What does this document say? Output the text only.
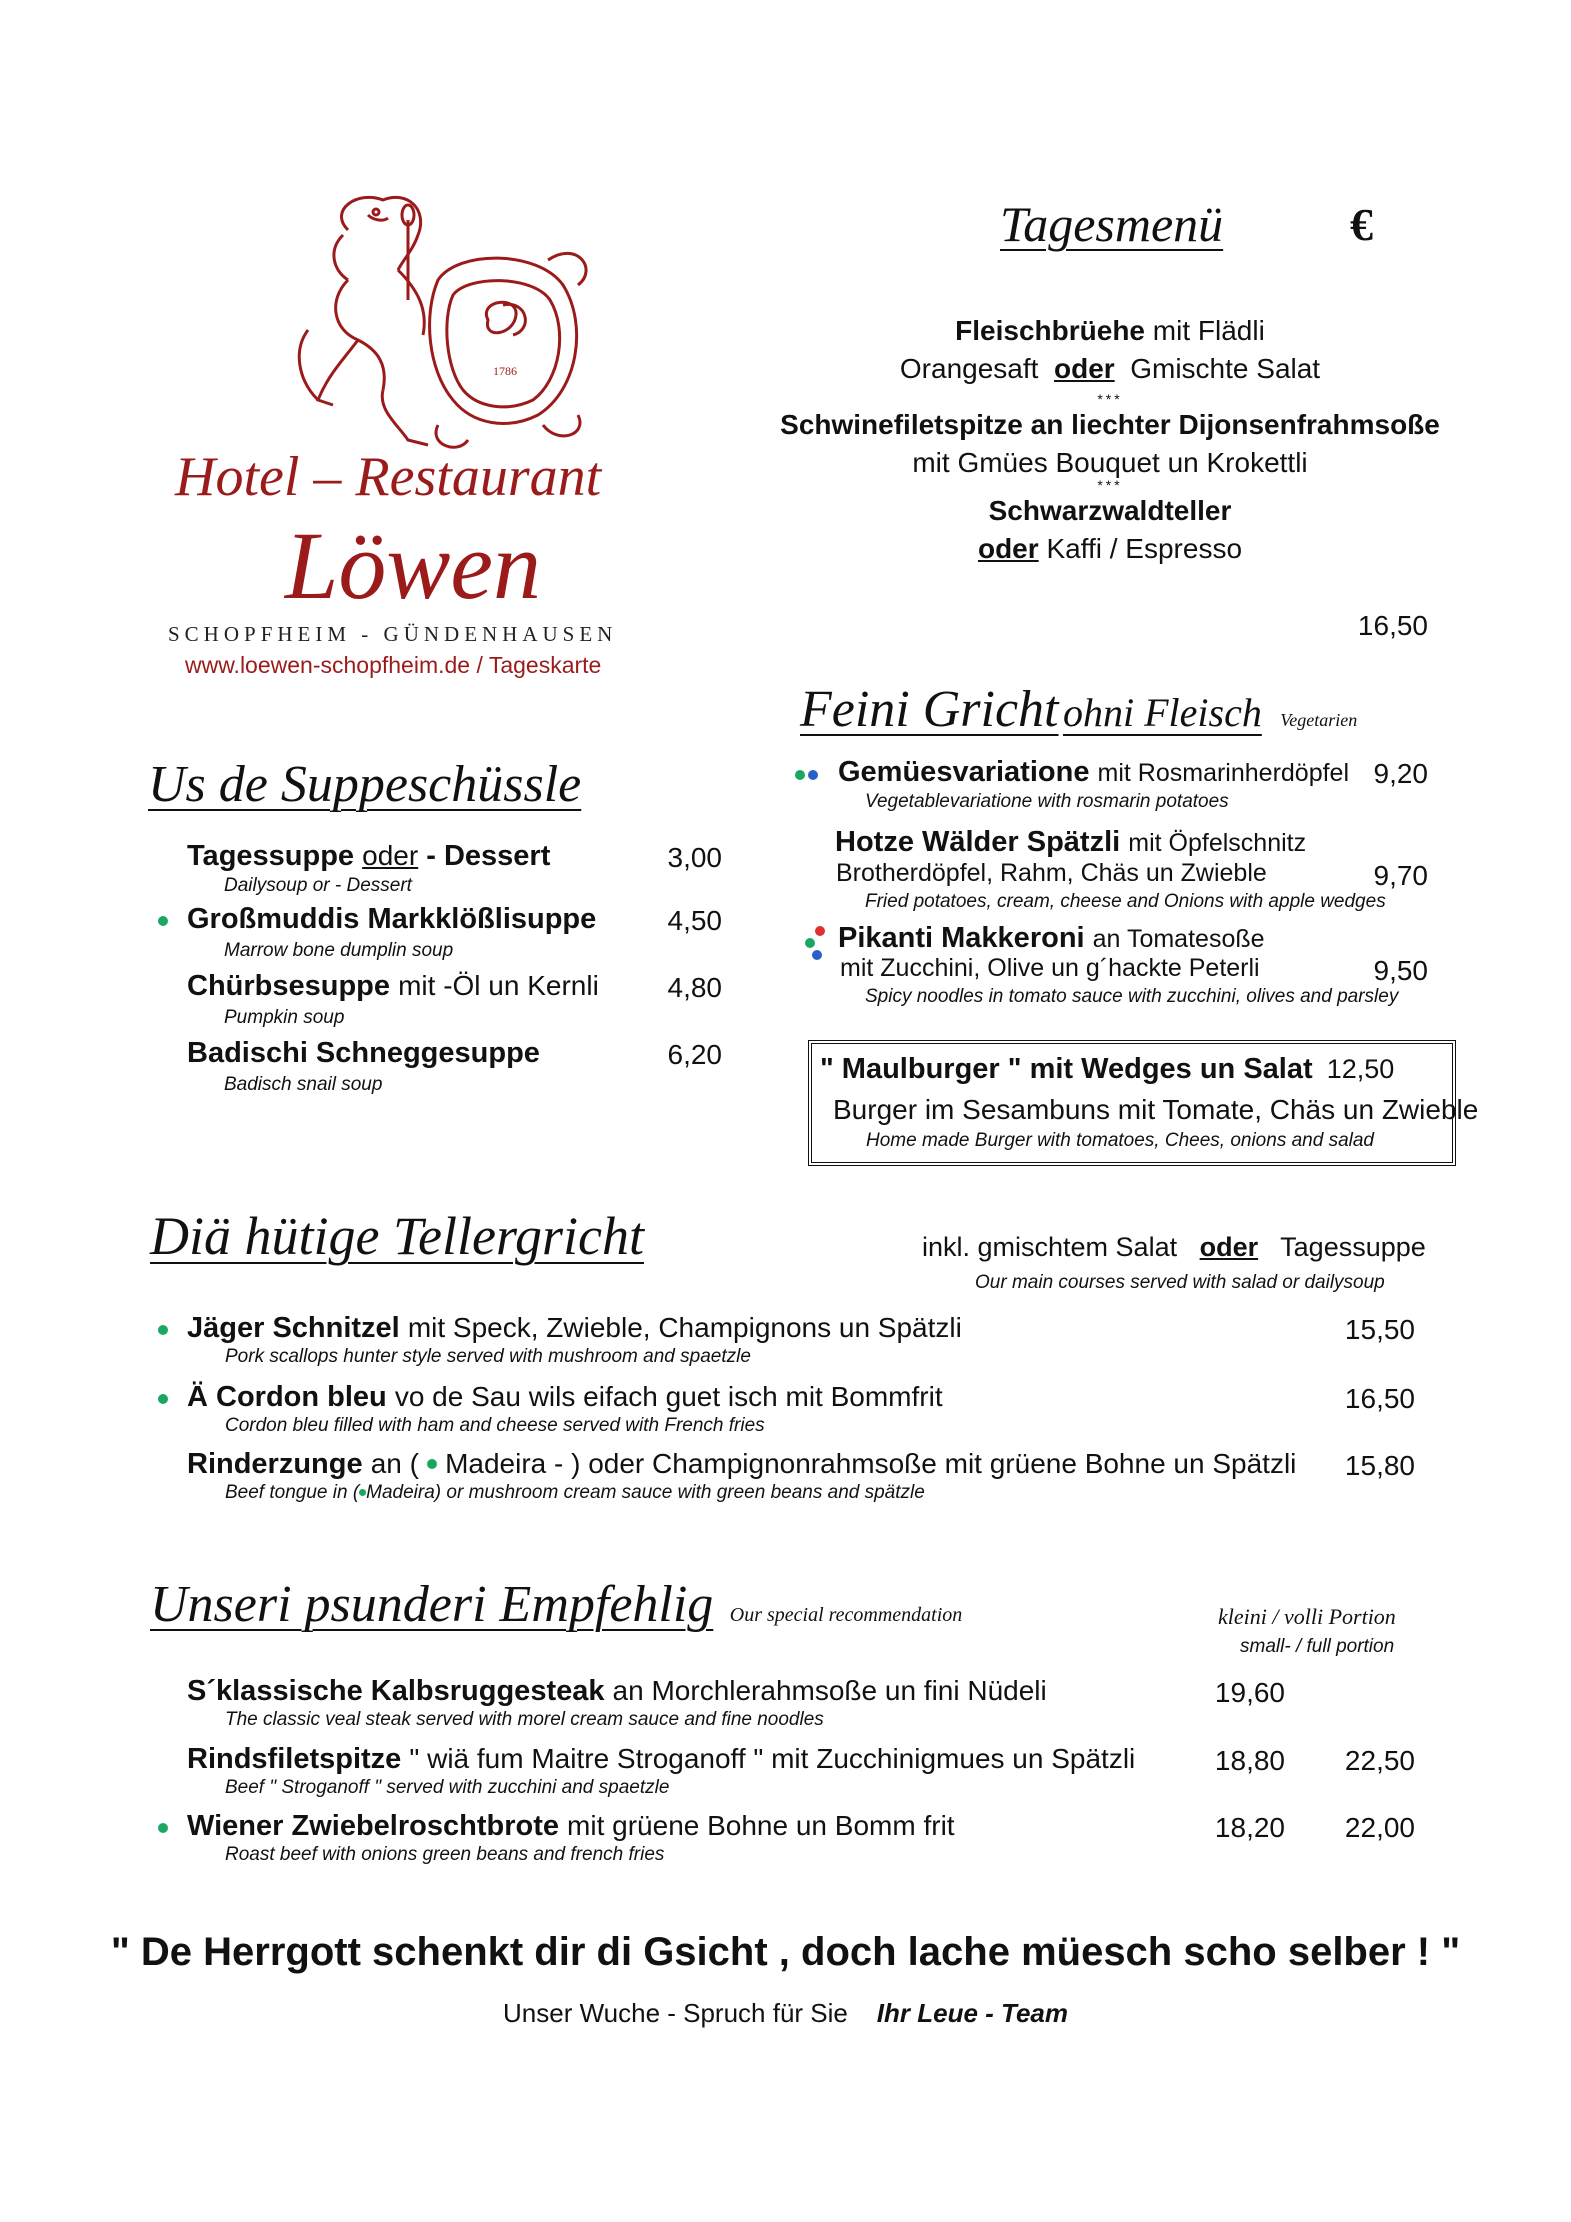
1786
Hotel – Restaurant
Löwen
SCHOPFHEIM - GÜNDENHAUSEN
www.loewen-schopfheim.de / Tageskarte
Tagesmenü	€
Fleischbrüehe mit Flädli
Orangesaft oder Gmischte Salat
***
Schwinefiletspitze an liechter Dijonsenfrahmsoße
mit Gmües Bouquet un Krokettli
***
Schwarzwaldteller
oder Kaffi / Espresso
16,50
Feini Gricht ohni Fleisch Vegetarien
Gemüesvariatione mit Rosmarinherdöpfel 9,20
Vegetablevariatione with rosmarin potatoes
Hotze Wälder Spätzli mit Öpfelschnitz
Brotherdöpfel, Rahm, Chäs un Zwieble	9,70
Fried potatoes, cream, cheese and Onions with apple wedges
Pikanti Makkeroni an Tomatesoße
mit Zucchini, Olive un g´hackte Peterli	9,50
Spicy noodles in tomato sauce with zucchini, olives and parsley
" Maulburger " mit Wedges un Salat 12,50
Burger im Sesambuns mit Tomate, Chäs un Zwieble
Home made Burger with tomatoes, Chees, onions and salad
Us de Suppeschüssle
Tagessuppe oder - Dessert	3,00
Dailysoup or - Dessert
Großmuddis Markklößlisuppe	4,50
Marrow bone dumplin soup
Chürbsesuppe mit -Öl un Kernli	4,80
Pumpkin soup
Badischi Schneggesuppe	6,20
Badisch snail soup
Diä hütige Tellergricht	inkl. gmischtem Salat oder Tagessuppe
Our main courses served with salad or dailysoup
Jäger Schnitzel mit Speck, Zwieble, Champignons un Spätzli	15,50
Pork scallops hunter style served with mushroom and spaetzle
Ä Cordon bleu vo de Sau wils eifach guet isch mit Bommfrit	16,50
Cordon bleu filled with ham and cheese served with French fries
Rinderzunge an ( Madeira - ) oder Champignonrahmsoße mit grüene Bohne un Spätzli	15,80
Beef tongue in ( Madeira) or mushroom cream sauce with green beans and spätzle
Unseri psunderi Empfehlig Our special recommendation	kleini / volli Portion
small- / full portion
S´klassische Kalbsruggesteak an Morchlerahmsoße un fini Nüdeli	19,60
The classic veal steak served with morel cream sauce and fine noodles
Rindsfiletspitze " wiä fum Maitre Stroganoff " mit Zucchinigmues un Spätzli	18,80	22,50
Beef " Stroganoff " served with zucchini and spaetzle
Wiener Zwiebelroschtbrote mit grüene Bohne un Bomm frit	18,20	22,00
Roast beef with onions green beans and french fries
" De Herrgott schenkt dir di Gsicht , doch lache müesch scho selber ! "
Unser Wuche - Spruch für Sie Ihr Leue - Team
